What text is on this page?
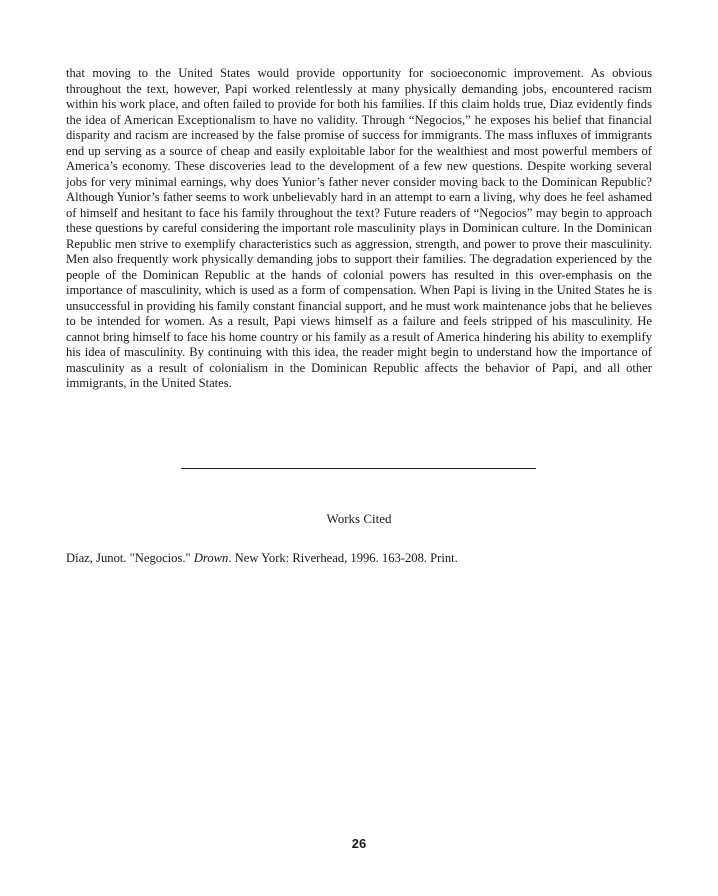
that moving to the United States would provide opportunity for socioeconomic improvement. As obvious throughout the text, however, Papi worked relentlessly at many physically demanding jobs, encountered racism within his work place, and often failed to provide for both his families. If this claim holds true, Diaz evidently finds the idea of American Exceptionalism to have no validity. Through “Negocios,” he exposes his belief that financial disparity and racism are increased by the false promise of success for immigrants. The mass influxes of immigrants end up serving as a source of cheap and easily exploitable labor for the wealthiest and most powerful members of America’s economy. These discoveries lead to the development of a few new questions. Despite working several jobs for very minimal earnings, why does Yunior’s father never consider moving back to the Dominican Republic? Although Yunior’s father seems to work unbelievably hard in an attempt to earn a living, why does he feel ashamed of himself and hesitant to face his family throughout the text? Future readers of “Negocios” may begin to approach these questions by careful considering the important role masculinity plays in Dominican culture. In the Dominican Republic men strive to exemplify characteristics such as aggression, strength, and power to prove their masculinity. Men also frequently work physically demanding jobs to support their families. The degradation experienced by the people of the Dominican Republic at the hands of colonial powers has resulted in this over-emphasis on the importance of masculinity, which is used as a form of compensation. When Papi is living in the United States he is unsuccessful in providing his family constant financial support, and he must work maintenance jobs that he believes to be intended for women. As a result, Papi views himself as a failure and feels stripped of his masculinity. He cannot bring himself to face his home country or his family as a result of America hindering his ability to exemplify his idea of masculinity. By continuing with this idea, the reader might begin to understand how the importance of masculinity as a result of colonialism in the Dominican Republic affects the behavior of Papi, and all other immigrants, in the United States.

Works Cited

Díaz, Junot. "Negocios." Drown. New York: Riverhead, 1996. 163-208. Print.

26
